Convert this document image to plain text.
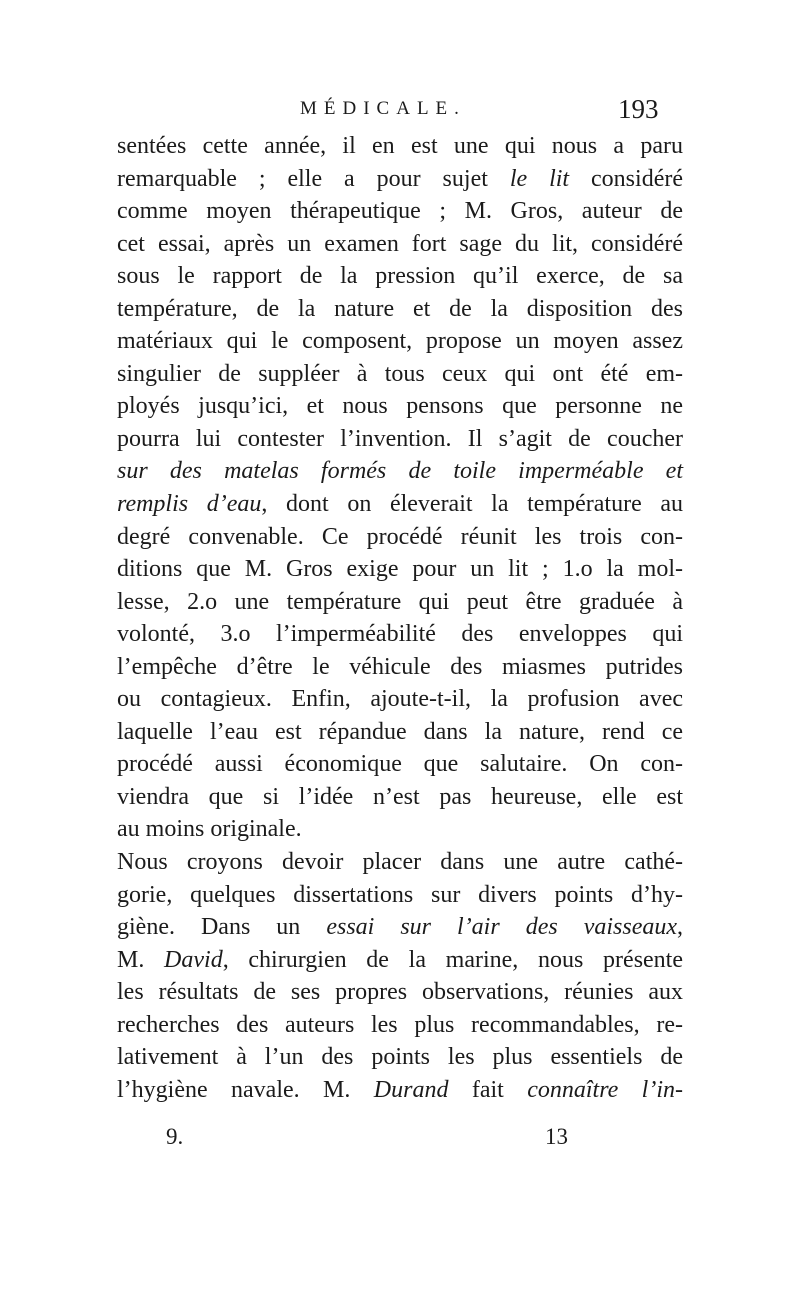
MÉDICALE.	193
sentées cette année, il en est une qui nous a paru
remarquable ; elle a pour sujet le lit considéré
comme moyen thérapeutique ; M. Gros, auteur de
cet essai, après un examen fort sage du lit, considéré
sous le rapport de la pression qu’il exerce, de sa
température, de la nature et de la disposition des
matériaux qui le composent, propose un moyen assez
singulier de suppléer à tous ceux qui ont été em-
ployés jusqu’ici, et nous pensons que personne ne
pourra lui contester l’invention. Il s’agit de coucher
sur des matelas formés de toile imperméable et
remplis d’eau, dont on éleverait la température au
degré convenable. Ce procédé réunit les trois con-
ditions que M. Gros exige pour un lit ; 1.o la mol-
lesse, 2.o une température qui peut être graduée à
volonté, 3.o l’imperméabilité des enveloppes qui
l’empêche d’être le véhicule des miasmes putrides
ou contagieux. Enfin, ajoute-t-il, la profusion avec
laquelle l’eau est répandue dans la nature, rend ce
procédé aussi économique que salutaire. On con-
viendra que si l’idée n’est pas heureuse, elle est
au moins originale.
Nous croyons devoir placer dans une autre cathé-
gorie, quelques dissertations sur divers points d’hy-
giène. Dans un essai sur l’air des vaisseaux,
M. David, chirurgien de la marine, nous présente
les résultats de ses propres observations, réunies aux
recherches des auteurs les plus recommandables, re-
lativement à l’un des points les plus essentiels de
l’hygiène navale. M. Durand fait connaître l’in-
9.	13
